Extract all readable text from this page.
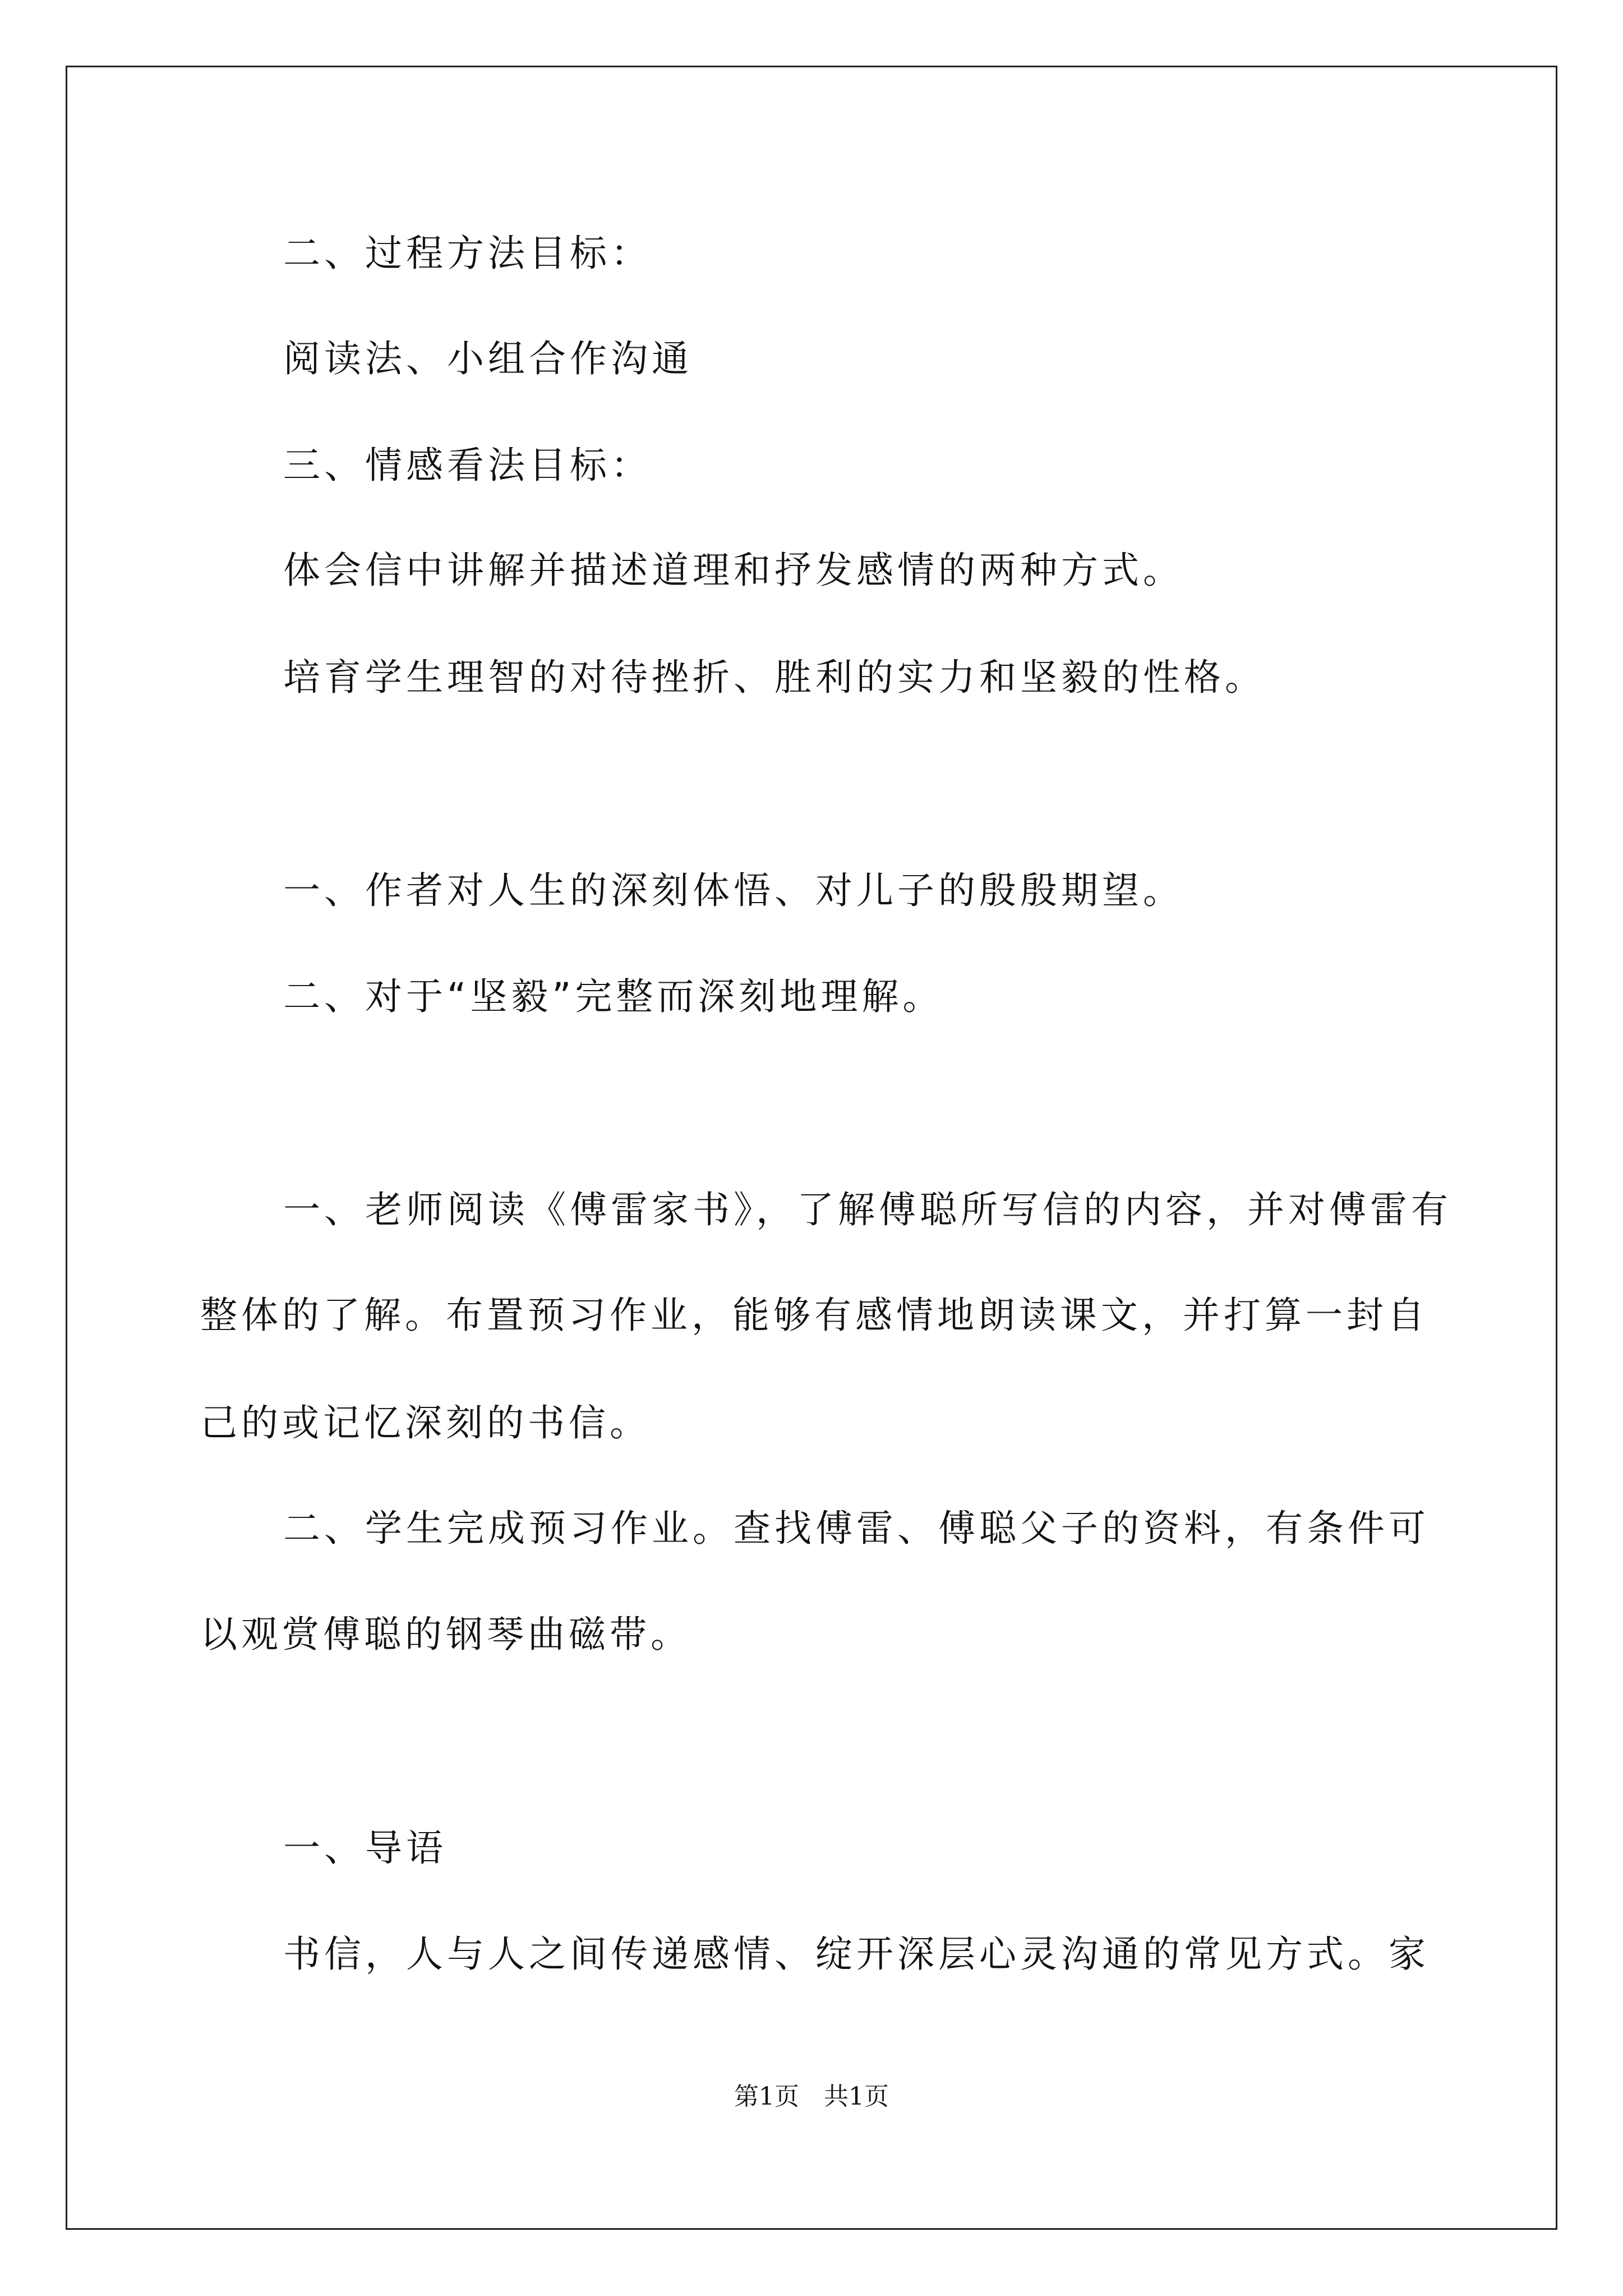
二、过程方法目标：
阅读法、小组合作沟通
三、情感看法目标：
体会信中讲解并描述道理和抒发感情的两种方式。
培育学生理智的对待挫折、胜利的实力和坚毅的性格。
一、作者对人生的深刻体悟、对儿子的殷殷期望。
二、对于“坚毅”完整而深刻地理解。
一、老师阅读《傅雷家书》，了解傅聪所写信的内容，并对傅雷有
整体的了解。布置预习作业，能够有感情地朗读课文，并打算一封自
己的或记忆深刻的书信。
二、学生完成预习作业。查找傅雷、傅聪父子的资料，有条件可
以观赏傅聪的钢琴曲磁带。
一、导语
书信，人与人之间传递感情、绽开深层心灵沟通的常见方式。家
第1页　共1页
